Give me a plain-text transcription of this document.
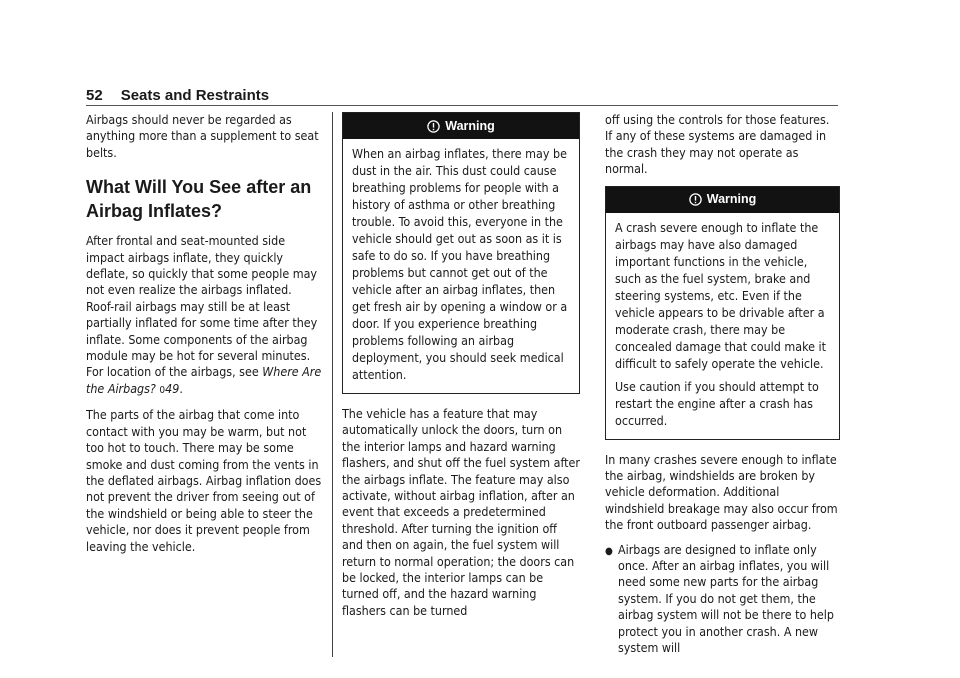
52 Seats and Restraints

Airbags should never be regarded as anything more than a supplement to seat belts.

What Will You See after an Airbag Inflates?

After frontal and seat-mounted side impact airbags inflate, they quickly deflate, so quickly that some people may not even realize the airbags inflated. Roof-rail airbags may still be at least partially inflated for some time after they inflate. Some components of the airbag module may be hot for several minutes. For location of the airbags, see Where Are the Airbags? 049.

The parts of the airbag that come into contact with you may be warm, but not too hot to touch. There may be some smoke and dust coming from the vents in the deflated airbags. Airbag inflation does not prevent the driver from seeing out of the windshield or being able to steer the vehicle, nor does it prevent people from leaving the vehicle.

Warning

When an airbag inflates, there may be dust in the air. This dust could cause breathing problems for people with a history of asthma or other breathing trouble. To avoid this, everyone in the vehicle should get out as soon as it is safe to do so. If you have breathing problems but cannot get out of the vehicle after an airbag inflates, then get fresh air by opening a window or a door. If you experience breathing problems following an airbag deployment, you should seek medical attention.

The vehicle has a feature that may automatically unlock the doors, turn on the interior lamps and hazard warning flashers, and shut off the fuel system after the airbags inflate. The feature may also activate, without airbag inflation, after an event that exceeds a predetermined threshold. After turning the ignition off and then on again, the fuel system will return to normal operation; the doors can be locked, the interior lamps can be turned off, and the hazard warning flashers can be turned

off using the controls for those features. If any of these systems are damaged in the crash they may not operate as normal.

Warning

A crash severe enough to inflate the airbags may have also damaged important functions in the vehicle, such as the fuel system, brake and steering systems, etc. Even if the vehicle appears to be drivable after a moderate crash, there may be concealed damage that could make it difficult to safely operate the vehicle.

Use caution if you should attempt to restart the engine after a crash has occurred.

In many crashes severe enough to inflate the airbag, windshields are broken by vehicle deformation. Additional windshield breakage may also occur from the front outboard passenger airbag.

● Airbags are designed to inflate only once. After an airbag inflates, you will need some new parts for the airbag system. If you do not get them, the airbag system will not be there to help protect you in another crash. A new system will
